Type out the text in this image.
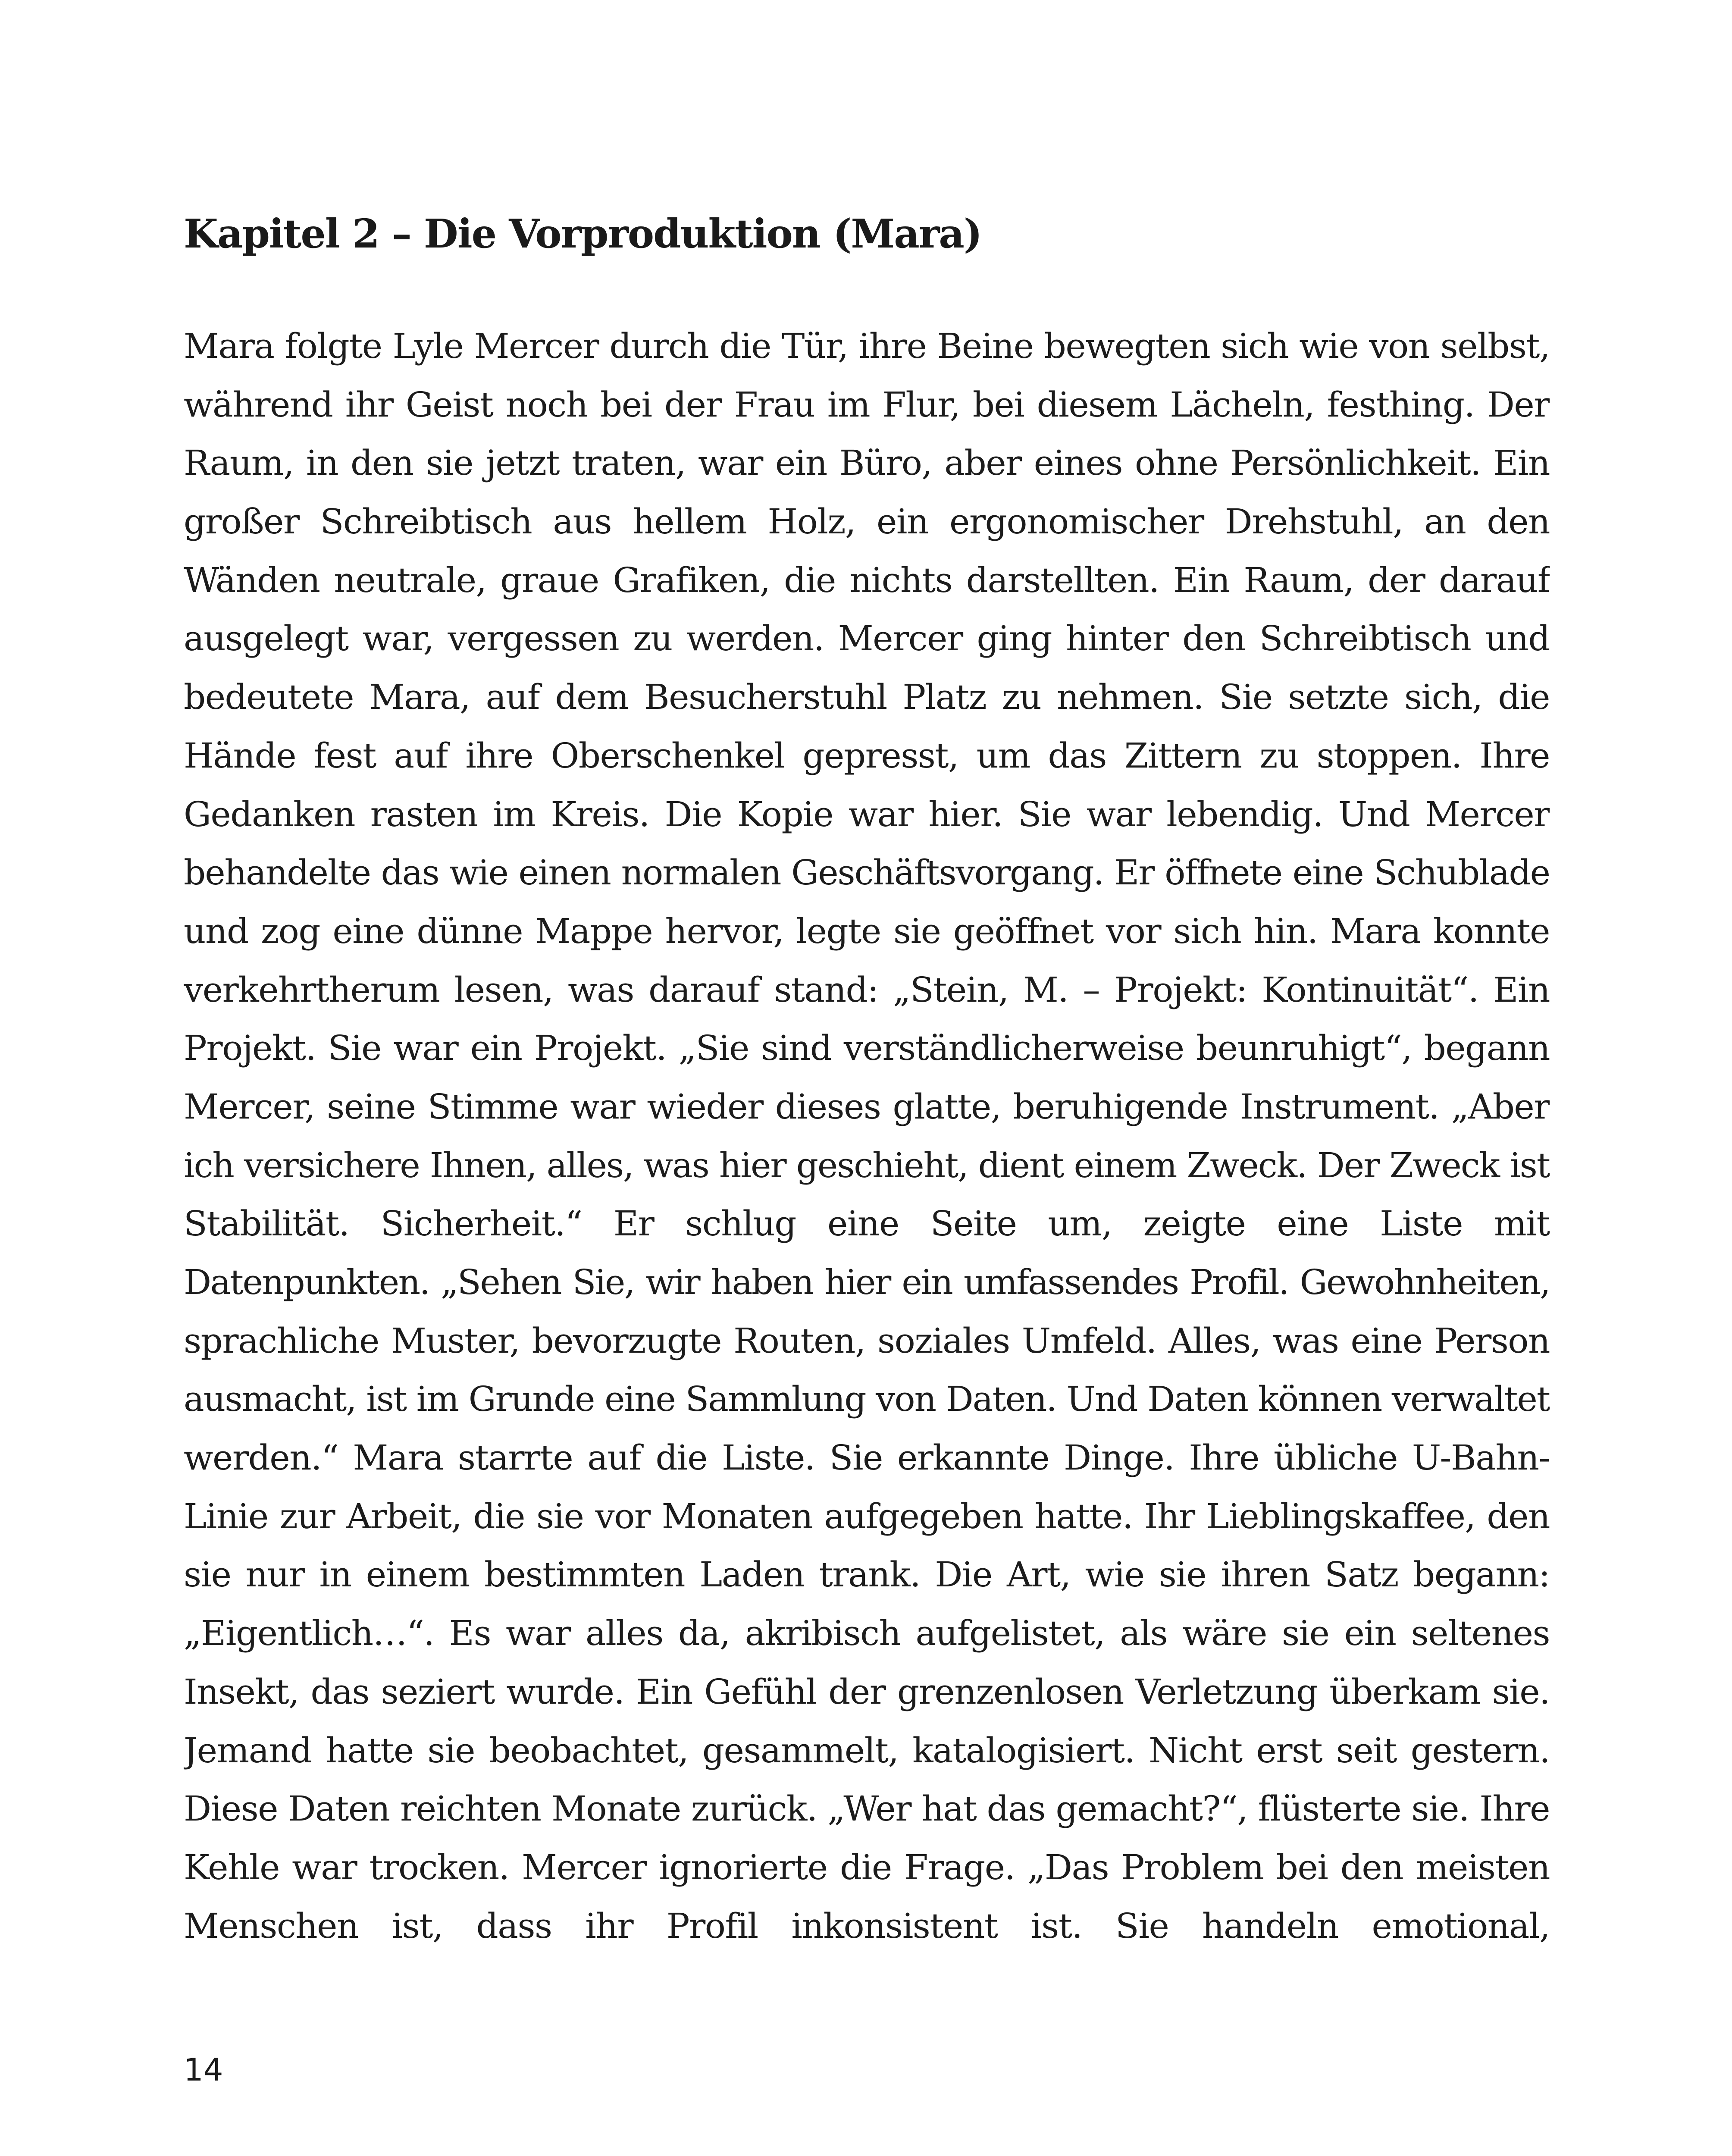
Kapitel 2 – Die Vorproduktion (Mara)
Mara folgte Lyle Mercer durch die Tür, ihre Beine bewegten sich wie von selbst,
während ihr Geist noch bei der Frau im Flur, bei diesem Lächeln, festhing. Der
Raum, in den sie jetzt traten, war ein Büro, aber eines ohne Persönlichkeit. Ein
großer Schreibtisch aus hellem Holz, ein ergonomischer Drehstuhl, an den
Wänden neutrale, graue Grafiken, die nichts darstellten. Ein Raum, der darauf
ausgelegt war, vergessen zu werden. Mercer ging hinter den Schreibtisch und
bedeutete Mara, auf dem Besucherstuhl Platz zu nehmen. Sie setzte sich, die
Hände fest auf ihre Oberschenkel gepresst, um das Zittern zu stoppen. Ihre
Gedanken rasten im Kreis. Die Kopie war hier. Sie war lebendig. Und Mercer
behandelte das wie einen normalen Geschäftsvorgang. Er öffnete eine Schublade
und zog eine dünne Mappe hervor, legte sie geöffnet vor sich hin. Mara konnte
verkehrtherum lesen, was darauf stand: „Stein, M. – Projekt: Kontinuität“. Ein
Projekt. Sie war ein Projekt. „Sie sind verständlicherweise beunruhigt“, begann
Mercer, seine Stimme war wieder dieses glatte, beruhigende Instrument. „Aber
ich versichere Ihnen, alles, was hier geschieht, dient einem Zweck. Der Zweck ist
Stabilität. Sicherheit.“ Er schlug eine Seite um, zeigte eine Liste mit
Datenpunkten. „Sehen Sie, wir haben hier ein umfassendes Profil. Gewohnheiten,
sprachliche Muster, bevorzugte Routen, soziales Umfeld. Alles, was eine Person
ausmacht, ist im Grunde eine Sammlung von Daten. Und Daten können verwaltet
werden.“ Mara starrte auf die Liste. Sie erkannte Dinge. Ihre übliche U-Bahn-
Linie zur Arbeit, die sie vor Monaten aufgegeben hatte. Ihr Lieblingskaffee, den
sie nur in einem bestimmten Laden trank. Die Art, wie sie ihren Satz begann:
„Eigentlich…“. Es war alles da, akribisch aufgelistet, als wäre sie ein seltenes
Insekt, das seziert wurde. Ein Gefühl der grenzenlosen Verletzung überkam sie.
Jemand hatte sie beobachtet, gesammelt, katalogisiert. Nicht erst seit gestern.
Diese Daten reichten Monate zurück. „Wer hat das gemacht?“, flüsterte sie. Ihre
Kehle war trocken. Mercer ignorierte die Frage. „Das Problem bei den meisten
Menschen ist, dass ihr Profil inkonsistent ist. Sie handeln emotional,
14
